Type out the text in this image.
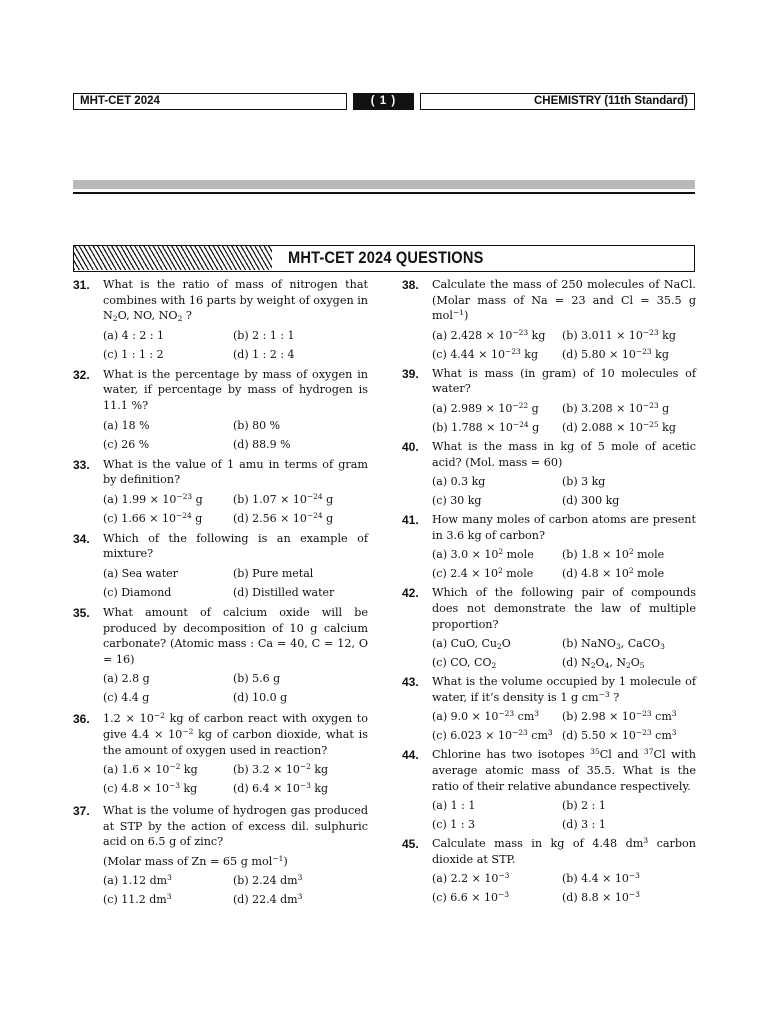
MHT-CET 2024	( 1 )	CHEMISTRY (11th Standard)
MHT-CET 2024 QUESTIONS
31. What is the ratio of mass of nitrogen that combines with 16 parts by weight of oxygen in $N_2O$, NO, $NO_2$ ?
(a) 4 : 2 : 1	(b) 2 : 1 : 1
(c) 1 : 1 : 2	(d) 1 : 2 : 4
32. What is the percentage by mass of oxygen in water, if percentage by mass of hydrogen is 11.1 %?
(a) 18 %	(b) 80 %
(c) 26 %	(d) 88.9 %
33. What is the value of 1 amu in terms of gram by definition?
(a) $1.99 \times 10^{-23}$ g	(b) $1.07 \times 10^{-24}$ g
(c) $1.66 \times 10^{-24}$ g	(d) $2.56 \times 10^{-24}$ g
34. Which of the following is an example of mixture?
(a) Sea water	(b) Pure metal
(c) Diamond	(d) Distilled water
35. What amount of calcium oxide will be produced by decomposition of 10 g calcium carbonate? (Atomic mass : Ca = 40, C = 12, O = 16)
(a) 2.8 g	(b) 5.6 g
(c) 4.4 g	(d) 10.0 g
36. $1.2 \times 10^{-2}$ kg of carbon react with oxygen to give $4.4 \times 10^{-2}$ kg of carbon dioxide, what is the amount of oxygen used in reaction?
(a) $1.6 \times 10^{-2}$ kg	(b) $3.2 \times 10^{-2}$ kg
(c) $4.8 \times 10^{-3}$ kg	(d) $6.4 \times 10^{-3}$ kg
37. What is the volume of hydrogen gas produced at STP by the action of excess dil. sulphuric acid on 6.5 g of zinc?
(Molar mass of Zn = 65 g mol$^{-1}$)
(a) 1.12 $dm^3$	(b) 2.24 $dm^3$
(c) 11.2 $dm^3$	(d) 22.4 $dm^3$
38. Calculate the mass of 250 molecules of NaCl. (Molar mass of Na = 23 and Cl = 35.5 g mol$^{-1}$)
(a) $2.428 \times 10^{-23}$ kg	(b) $3.011 \times 10^{-23}$ kg
(c) $4.44 \times 10^{-23}$ kg	(d) $5.80 \times 10^{-23}$ kg
39. What is mass (in gram) of 10 molecules of water?
(a) $2.989 \times 10^{-22}$ g	(b) $3.208 \times 10^{-23}$ g
(b) $1.788 \times 10^{-24}$ g	(d) $2.088 \times 10^{-25}$ kg
40. What is the mass in kg of 5 mole of acetic acid? (Mol. mass = 60)
(a) 0.3 kg	(b) 3 kg
(c) 30 kg	(d) 300 kg
41. How many moles of carbon atoms are present in 3.6 kg of carbon?
(a) $3.0 \times 10^2$ mole	(b) $1.8 \times 10^2$ mole
(c) $2.4 \times 10^2$ mole	(d) $4.8 \times 10^2$ mole
42. Which of the following pair of compounds does not demonstrate the law of multiple proportion?
(a) CuO, $Cu_2O$	(b) NaNO$_3$, CaCO$_3$
(c) CO, $CO_2$	(d) $N_2O_4$, $N_2O_5$
43. What is the volume occupied by 1 molecule of water, if it’s density is 1 g $cm^{-3}$ ?
(a) $9.0 \times 10^{-23}$ $cm^3$	(b) $2.98 \times 10^{-23}$ $cm^3$
(c) $6.023 \times 10^{-23}$ $cm^3$ (d) $5.50 \times 10^{-23}$ $cm^3$
44. Chlorine has two isotopes $^{35}$Cl and $^{37}$Cl with average atomic mass of 35.5. What is the ratio of their relative abundance respectively.
(a) 1 : 1	(b) 2 : 1
(c) 1 : 3	(d) 3 : 1
45. Calculate mass in kg of 4.48 $dm^3$ carbon dioxide at STP.
(a) $2.2 \times 10^{-3}$	(b) $4.4 \times 10^{-3}$
(c) $6.6 \times 10^{-3}$	(d) $8.8 \times 10^{-3}$
